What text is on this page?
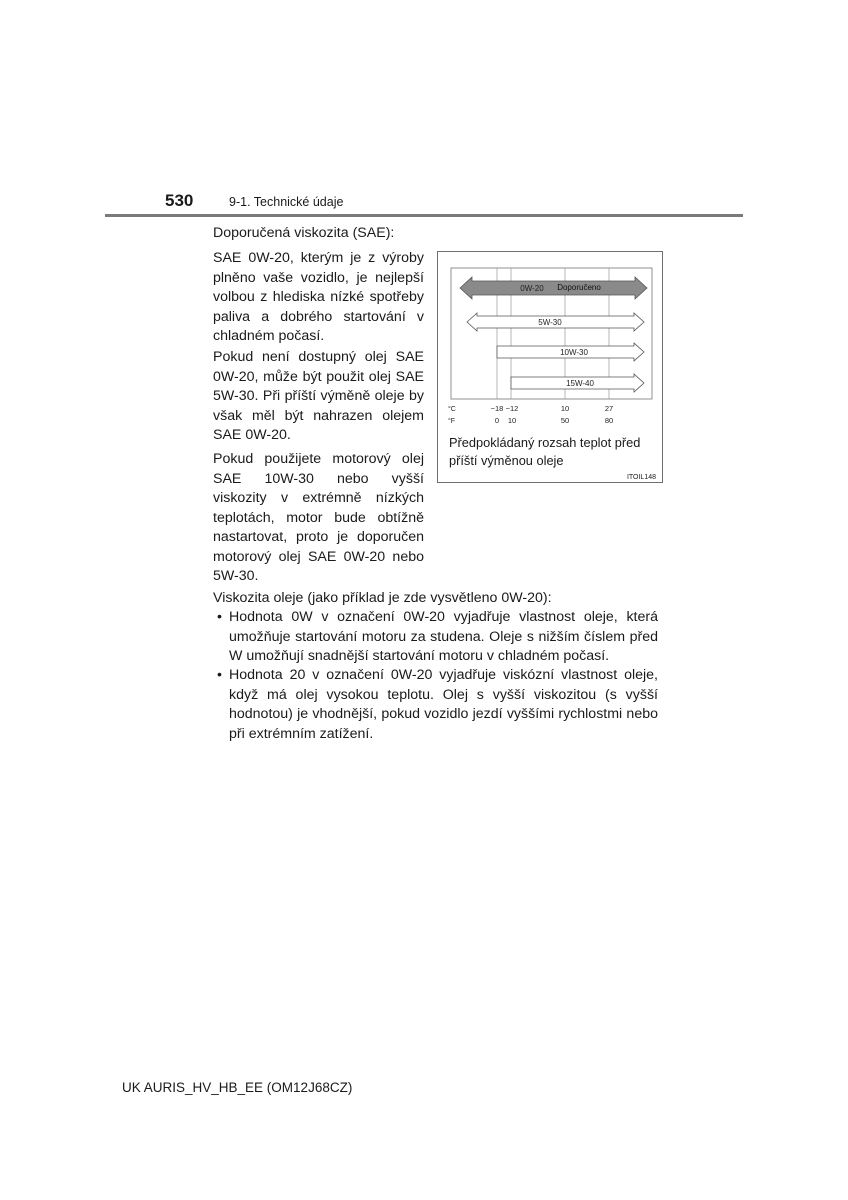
530	9-1. Technické údaje

Doporučená viskozita (SAE):

SAE 0W-20, kterým je z výroby plněno vaše vozidlo, je nejlepší volbou z hlediska nízké spotřeby paliva a dobrého startování v chladném počasí.

Pokud není dostupný olej SAE 0W-20, může být použit olej SAE 5W-30. Při příští výměně oleje by však měl být nahrazen olejem SAE 0W-20.

Pokud použijete motorový olej SAE 10W-30 nebo vyšší viskozity v extrémně nízkých teplotách, motor bude obtížně nastartovat, proto je doporučen motorový olej SAE 0W-20 nebo 5W-30.

Viskozita oleje (jako příklad je zde vysvětleno 0W-20):

• Hodnota 0W v označení 0W-20 vyjadřuje vlastnost oleje, která umožňuje startování motoru za studena. Oleje s nižším číslem před W umožňují snadnější startování motoru v chladném počasí.
• Hodnota 20 v označení 0W-20 vyjadřuje viskózní vlastnost oleje, když má olej vysokou teplotu. Olej s vyšší viskozitou (s vyšší hodnotou) je vhodnější, pokud vozidlo jezdí vyššími rychlostmi nebo při extrémním zatížení.
0W-20 Doporučeno
5W-30
10W-30
15W-40
°C
°F
−18 −12	10	27
0 10	50	80
Předpokládaný rozsah teplot před příští výměnou oleje
ITOIL148
UK AURIS_HV_HB_EE (OM12J68CZ)
